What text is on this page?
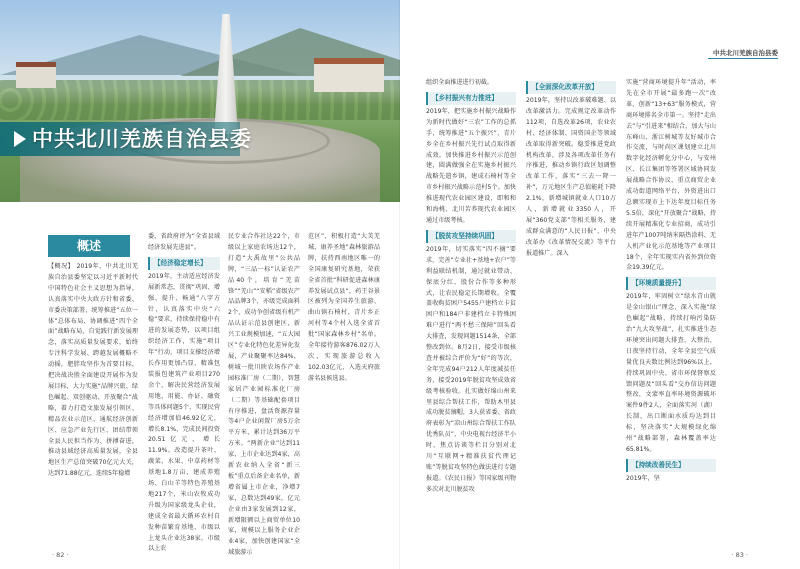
中共北川羌族自治县委
概述

【概况】 2019年，中共北川羌族自治县委坚定以习近平新时代中国特色社会主义思想为指导，认真落实中央大政方针和省委、市委决策部署，统筹推进“五位一体”总体布局、协调推进“四个全面”战略布局，自觉践行新发展理念，落实高质量发展要求，始终专注科学发展、跨越发展概略不动摇，肥胖攻坚作为首要目标，把决战决胜全面建设开展作为发展目标，大力实施“品牌兴旅、绿色崛起、双创驱动、开放聚合”战略，着力打造文旅发展引领区、精品农业示范区、通航经济创新区、应急产业先行区、团结带领全县人民担当作为、拼搏奋进，推动县域经济高质量发展，全县地区生产总值突破70亿元大关，达到71.88亿元，连续5年稳增

委、省政府评为“全省县域经济发展先进县”。

【经济稳定增长】

2019年，主动适应经济发展新常态，贯彻“巩固、增强、提升、畅通”八字方针，认真落实中央“六稳”要求，持续保持稳中有进的发展态势，以项目组织经济工作，实施“项目年”行动，项目支撑经济增长作用更加凸显，精准包装报包建筑产业项目270余个，解决民营经济发展用地、用能、办证、融资等具体问题5个，实现民营经济增加值46.92亿元，增长8.1%，完成民间投资20.51亿元，增长11.9%。改造提升茶叶、蔬菜、水果、中草药材等基地1.8万亩，建成养殖场、白山羊等特色养殖基地217个，米山农牧成功升级为国家级龙头企业，建成全省最大循环农村自发种苗繁育基地，市级以上龙头企业达38家，市级以上农

民专业合作社达22个，市级以上家庭农场达12个，打造“大禹故里”公共品牌，“三品一标”认证农产品40个，培育“羌苗锋”“羌山”“安稻”省级农产品品牌3个，亦级完成面料2个，成功争创省级有机产品认证示范县创建区，新兴工业规模加速，“五大园区”专业化特色化差异化发展，产业聚聚率达84%，树城一批川陕农场作产业园标准厂房（二期）、智慧家居产业园标准化厂房（二期）等基础配套项目有序推进，盘活资源存量等4户企业闲置厂房5万余平方米，累计达到36万平方米。“两新企业”达到11家，上市企业达到4家，高新农业纳入全省“新三板”重点后备企业名单，新增省属上市企业，净增7家，总数达到49家，亿元企业由3家发展到12家，新增限额以上商贸单位10家，规模以上服务企业企业4家，加快创建国家“全域旅游示

范区”，积极打造“大美羌城、康养圣地”森林旅游品牌，扶持西南地区唯一的全国康复研究基地，荣获全省首批“科研促进森林康养发展试点县”，药王谷景区被列为全国养生旅游、曲山镇石椅村、青片乡正河村等4个村入选全省首批“国家森林乡村”名单。全年接待游客876.02万人次，实现旅游总收入102.03亿元，入选天府旅游名县候选县。

· 82 ·
中共北川羌族自治县委

组织全面推进进行初截。

【乡村振兴有力推进】

2019年，把实施乡村振兴战略作为新时代做好“三农”工作的总抓手，统筹推进“五个振兴”，青片乡全在乡村振兴先行试点取得新成效。加快推进乡村振兴示范创建，圆满做强全在实施乡村振兴战略先遣乡镇，建成石椅村等全市乡村振兴战略示范村5个。加快推进现代农业园区建设，即和和和海桃、北川苦荞现代农业园区通过市级考核。

【脱贫攻坚持续巩固】

2019年，切实落实“四不摘”要求，完善“专业社+基地+农户”等利益联结机制，通过就业带动、保底分红、股份合作等多种形式，让农民稳定长期增收。全覆盖收购贫困户5455户建档立卡贫困户和184户非建档立卡特殊困难户进行“两不愁三保障”回头看大排查，发现问题1514条，全部整改到位。8月2日，接受市级核查并被综合评价为“好”的等次，全年完成94户212人年度减贫任务，接受2019年脱贫攻坚成效省级考核验收。扎实做好绵山州来里县综合帮扶工作，帮助木里县成功脱贫摘帽，3人获省委、省政府表彰为“凉山州综合帮扶工作队优秀队员”，中央电视台经济半小时、焦点访谈等栏目分别对北川“互联网+精准扶贫代理记账”等脱贫攻坚特色做法进行专题报道。《农民日报》等国家级刊物多次对北川脱贫攻

【全面深化改革开放】

2019年，坚持以改革破难题、以改革激活力。完成规定改革动作112项，自选改革26项，农业农村、经济体制、国资国企等领域改革取得新突破。稳妥推进党政机构改革，涉及各项改革任务有序推进，推动乡镇行政区划调整改革工作，落实“三去一降一补”，万元地区生产总值能耗下降2.1%，新增城镇就业人口10万人，新增就业3350人，开展“360党支部”等相关服务，建成群众满意的“人民日报”、中央改革办《改革情况交流》等平台报道推广。深入

实施“营商环境提升年”活动，率先在全市开展“最多跑一次”改革，创新“13+63”服务模式，营商环境排名全市第一。坚持“走出去”与“引进来”相结合，加大与山东峰山、浙江树城等友好城市合作交流，与时尚区课划建立北川数字化经济孵化分中心，与安州区、长江集团等签署区域协同发展战略合作协议，重点商贸企业成功街道网络平台，外资进出口总额实现市上下达年度目标任务5.5倍，深化“开放聚合”战略，持续开展精准化专业招商，成功引进年产1007吨纳米隔热涂料、无人机产业化示范基地等产业项目18个，全年实现实内省外到位资金19.39亿元。

【环境质量提升】

2019年，牢固树立“绿水青山就是金山银山”理念，深入实施“绿色崛起”战略，持续打响污染防治“九大攻坚战”，扎实推进生态环境突出问题大排查、大整治，日夜坚持行动，全年全县空气质量优良天数比例达到96%以上，持续巩固中央、省市环保督察反馈问题及“回头看”交办信访问题整改，文蒙率直率环境资源破坏案件9件2人，全面落实河（湖）长制，出口断面水质均达到目标，坚决落实“大规模绿化绵州”战略部署，森林覆盖率达65.81%。

【持续改善民生】

2019年，坚

· 83 ·
